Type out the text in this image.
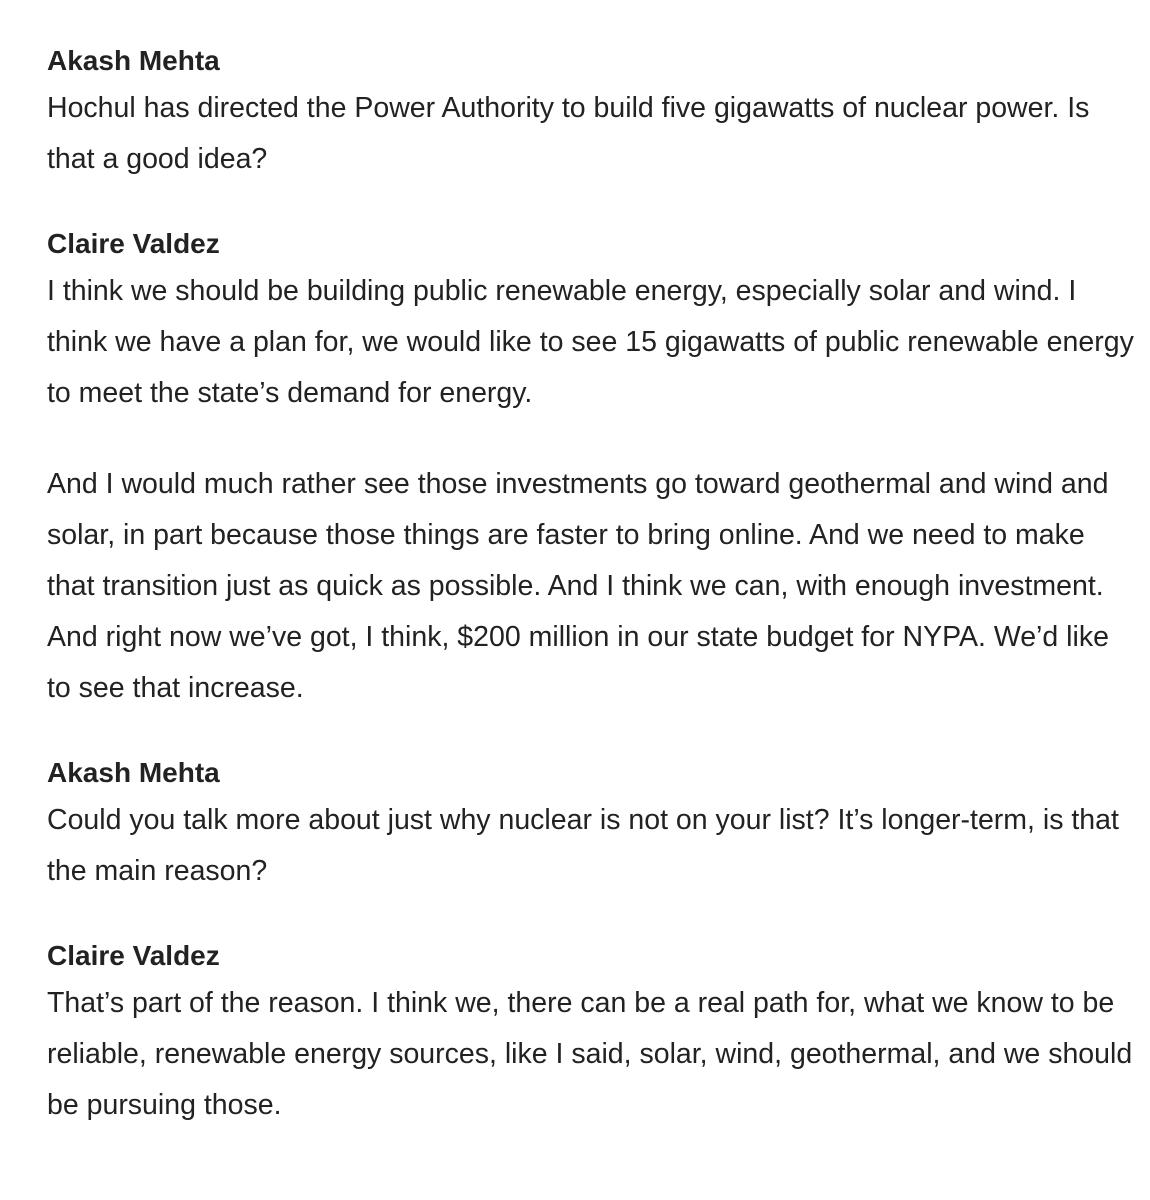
Akash Mehta

Hochul has directed the Power Authority to build five gigawatts of nuclear power. Is that a good idea?

Claire Valdez

I think we should be building public renewable energy, especially solar and wind. I think we have a plan for, we would like to see 15 gigawatts of public renewable energy to meet the state’s demand for energy.

And I would much rather see those investments go toward geothermal and wind and solar, in part because those things are faster to bring online. And we need to make that transition just as quick as possible. And I think we can, with enough investment. And right now we’ve got, I think, $200 million in our state budget for NYPA. We’d like to see that increase.

Akash Mehta

Could you talk more about just why nuclear is not on your list? It’s longer-term, is that the main reason?

Claire Valdez

That’s part of the reason. I think we, there can be a real path for, what we know to be reliable, renewable energy sources, like I said, solar, wind, geothermal, and we should be pursuing those.
